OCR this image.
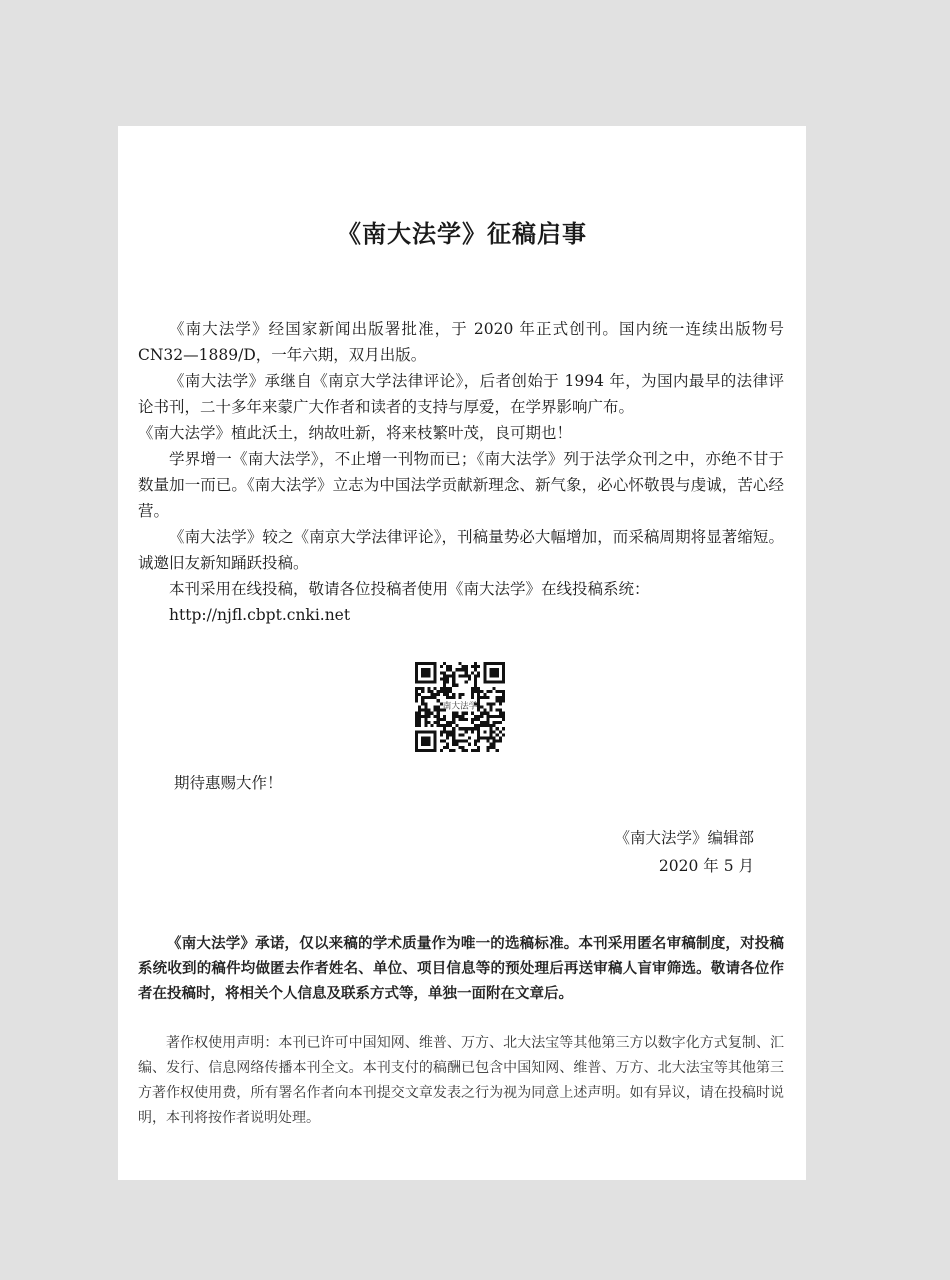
《南大法学》征稿启事

《南大法学》经国家新闻出版署批准，于 2020 年正式创刊。国内统一连续出版物号 CN32—1889/D，一年六期，双月出版。

《南大法学》承继自《南京大学法律评论》，后者创始于 1994 年，为国内最早的法律评论书刊，二十多年来蒙广大作者和读者的支持与厚爱，在学界影响广布。

《南大法学》植此沃土，纳故吐新，将来枝繁叶茂，良可期也！

学界增一《南大法学》，不止增一刊物而已；《南大法学》列于法学众刊之中，亦绝不甘于数量加一而已。《南大法学》立志为中国法学贡献新理念、新气象，必心怀敬畏与虔诚，苦心经营。

《南大法学》较之《南京大学法律评论》，刊稿量势必大幅增加，而采稿周期将显著缩短。诚邀旧友新知踊跃投稿。

本刊采用在线投稿，敬请各位投稿者使用《南大法学》在线投稿系统：

http://njfl.cbpt.cnki.net

南大法学
期待惠赐大作！
《南大法学》编辑部
2020 年 5 月

《南大法学》承诺，仅以来稿的学术质量作为唯一的选稿标准。本刊采用匿名审稿制度，对投稿系统收到的稿件均做匿去作者姓名、单位、项目信息等的预处理后再送审稿人盲审筛选。敬请各位作者在投稿时，将相关个人信息及联系方式等，单独一面附在文章后。

著作权使用声明：本刊已许可中国知网、维普、万方、北大法宝等其他第三方以数字化方式复制、汇编、发行、信息网络传播本刊全文。本刊支付的稿酬已包含中国知网、维普、万方、北大法宝等其他第三方著作权使用费，所有署名作者向本刊提交文章发表之行为视为同意上述声明。如有异议，请在投稿时说明，本刊将按作者说明处理。
